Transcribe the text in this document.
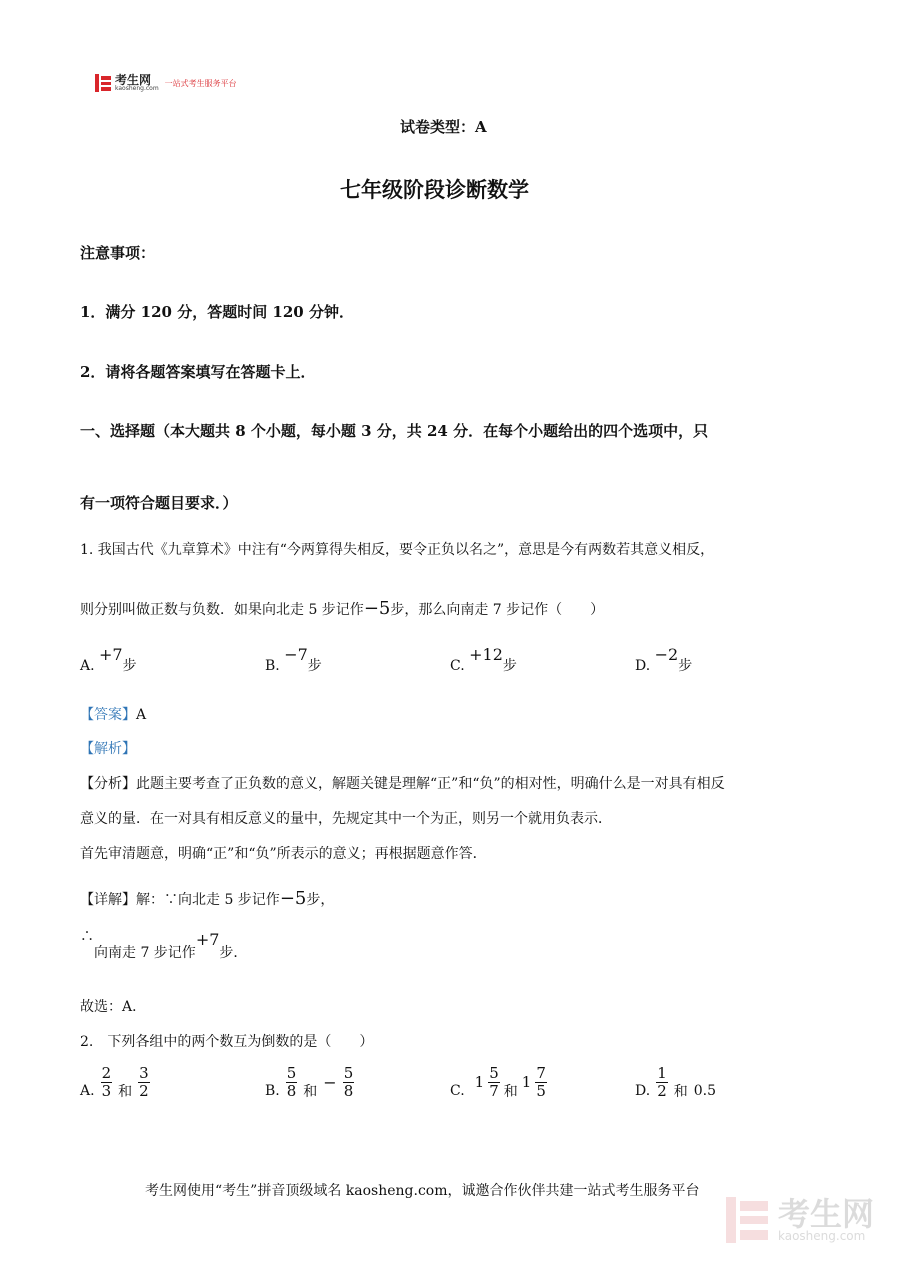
考生网
kaosheng.com
一站式考生服务平台
试卷类型：A
七年级阶段诊断数学
注意事项：
1．满分 120 分，答题时间 120 分钟．
2．请将各题答案填写在答题卡上．
一、选择题（本大题共 8 个小题，每小题 3 分，共 24 分．在每个小题给出的四个选项中，只
有一项符合题目要求．）
1. 我国古代《九章算术》中注有“今两算得失相反，要令正负以名之”，意思是今有两数若其意义相反，
则分别叫做正数与负数．如果向北走 5 步记作−5步，那么向南走 7 步记作（　　）
A. +7步	B. −7步	C. +12步	D. −2步
【答案】A
【解析】
【分析】此题主要考查了正负数的意义，解题关键是理解“正”和“负”的相对性，明确什么是一对具有相反
意义的量．在一对具有相反意义的量中，先规定其中一个为正，则另一个就用负表示．
首先审清题意，明确“正”和“负”所表示的意义；再根据题意作答．
【详解】解：∵向北走 5 步记作−5步，
∴向南走 7 步记作+7步．
故选：A．
2.　下列各组中的两个数互为倒数的是（　　）
A. $\frac{2}{3}$ 和 $\frac{3}{2}$	B. $\frac{5}{8}$ 和
− $\frac{5}{8}$	C. $1 \frac{5}{7}$ 和
$1 \frac{7}{5}$	D. $\frac{1}{2}$ 和 0.5
考生网使用“考生”拼音顶级域名 kaosheng.com，诚邀合作伙伴共建一站式考生服务平台
考生网
kaosheng.com
